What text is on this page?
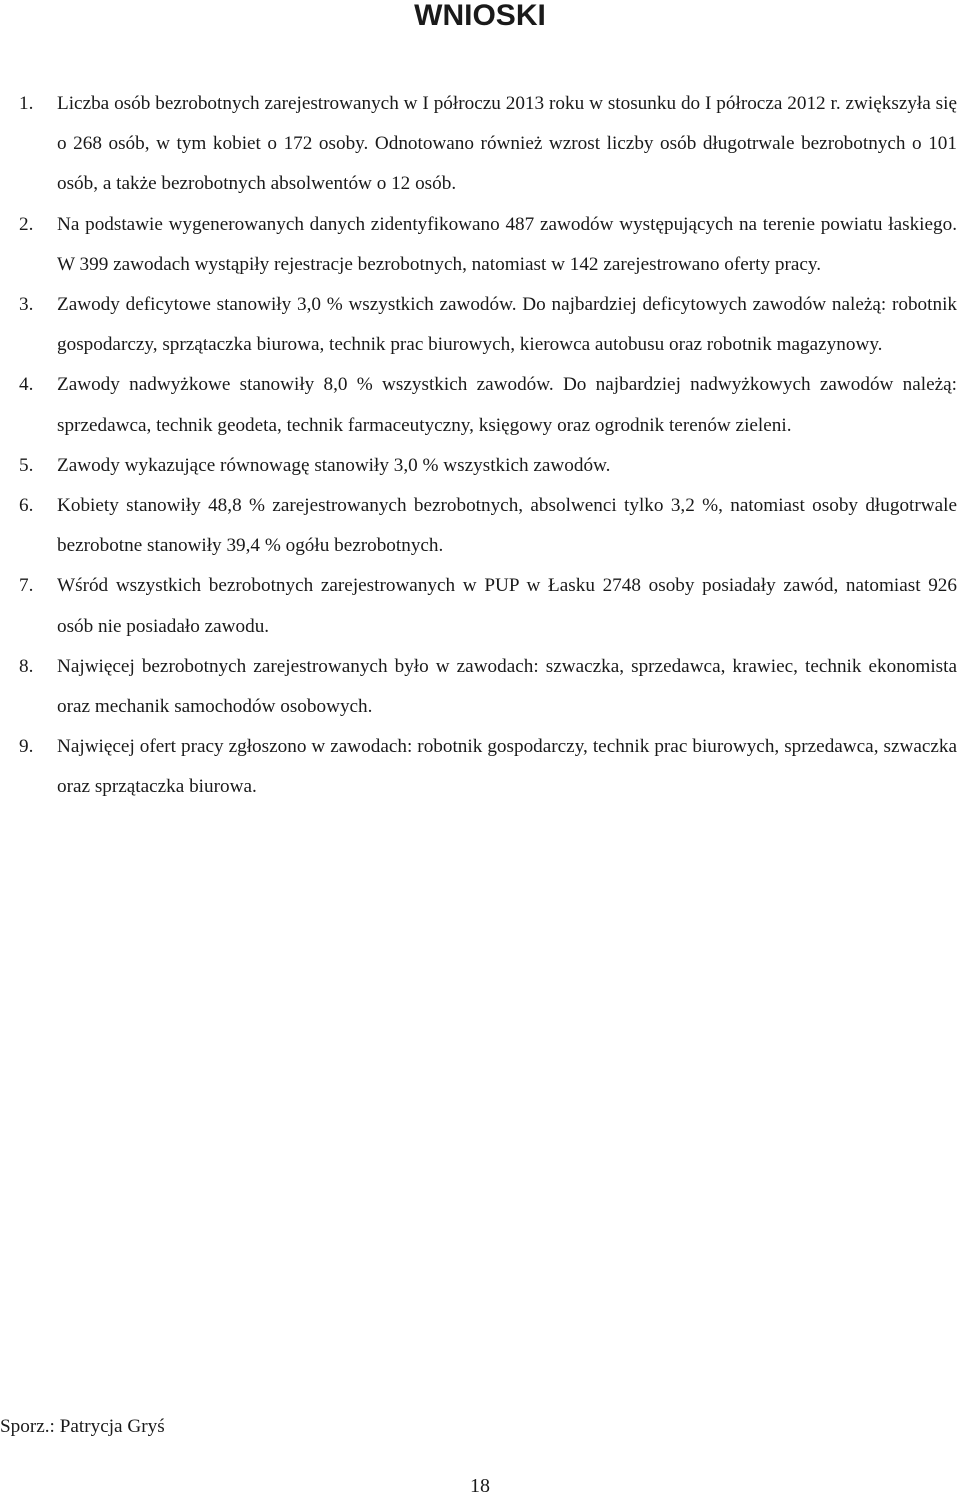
WNIOSKI
1.	Liczba osób bezrobotnych zarejestrowanych w I półroczu 2013 roku w stosunku do I półrocza 2012 r. zwiększyła się o 268 osób, w tym kobiet o 172 osoby. Odnotowano również wzrost liczby osób długotrwale bezrobotnych o 101 osób, a także bezrobotnych absolwentów o 12 osób.
2.	Na podstawie wygenerowanych danych zidentyfikowano 487 zawodów występujących na terenie powiatu łaskiego. W 399 zawodach wystąpiły rejestracje bezrobotnych, natomiast w 142 zarejestrowano oferty pracy.
3.	Zawody deficytowe stanowiły 3,0 % wszystkich zawodów. Do najbardziej deficytowych zawodów należą: robotnik gospodarczy, sprzątaczka biurowa, technik prac biurowych, kierowca autobusu oraz robotnik magazynowy.
4.	Zawody nadwyżkowe stanowiły 8,0 % wszystkich zawodów. Do najbardziej nadwyżkowych zawodów należą: sprzedawca, technik geodeta, technik farmaceutyczny, księgowy oraz ogrodnik terenów zieleni.
5.	Zawody wykazujące równowagę stanowiły 3,0 % wszystkich zawodów.
6.	Kobiety stanowiły 48,8 % zarejestrowanych bezrobotnych, absolwenci tylko 3,2 %, natomiast osoby długotrwale bezrobotne stanowiły 39,4 % ogółu bezrobotnych.
7.	Wśród wszystkich bezrobotnych zarejestrowanych w PUP w Łasku 2748 osoby posiadały zawód, natomiast 926 osób nie posiadało zawodu.
8.	Najwięcej bezrobotnych zarejestrowanych było w zawodach: szwaczka, sprzedawca, krawiec, technik ekonomista oraz mechanik samochodów osobowych.
9.	Najwięcej ofert pracy zgłoszono w zawodach: robotnik gospodarczy, technik prac biurowych, sprzedawca, szwaczka oraz sprzątaczka biurowa.
Sporz.: Patrycja Gryś
18
